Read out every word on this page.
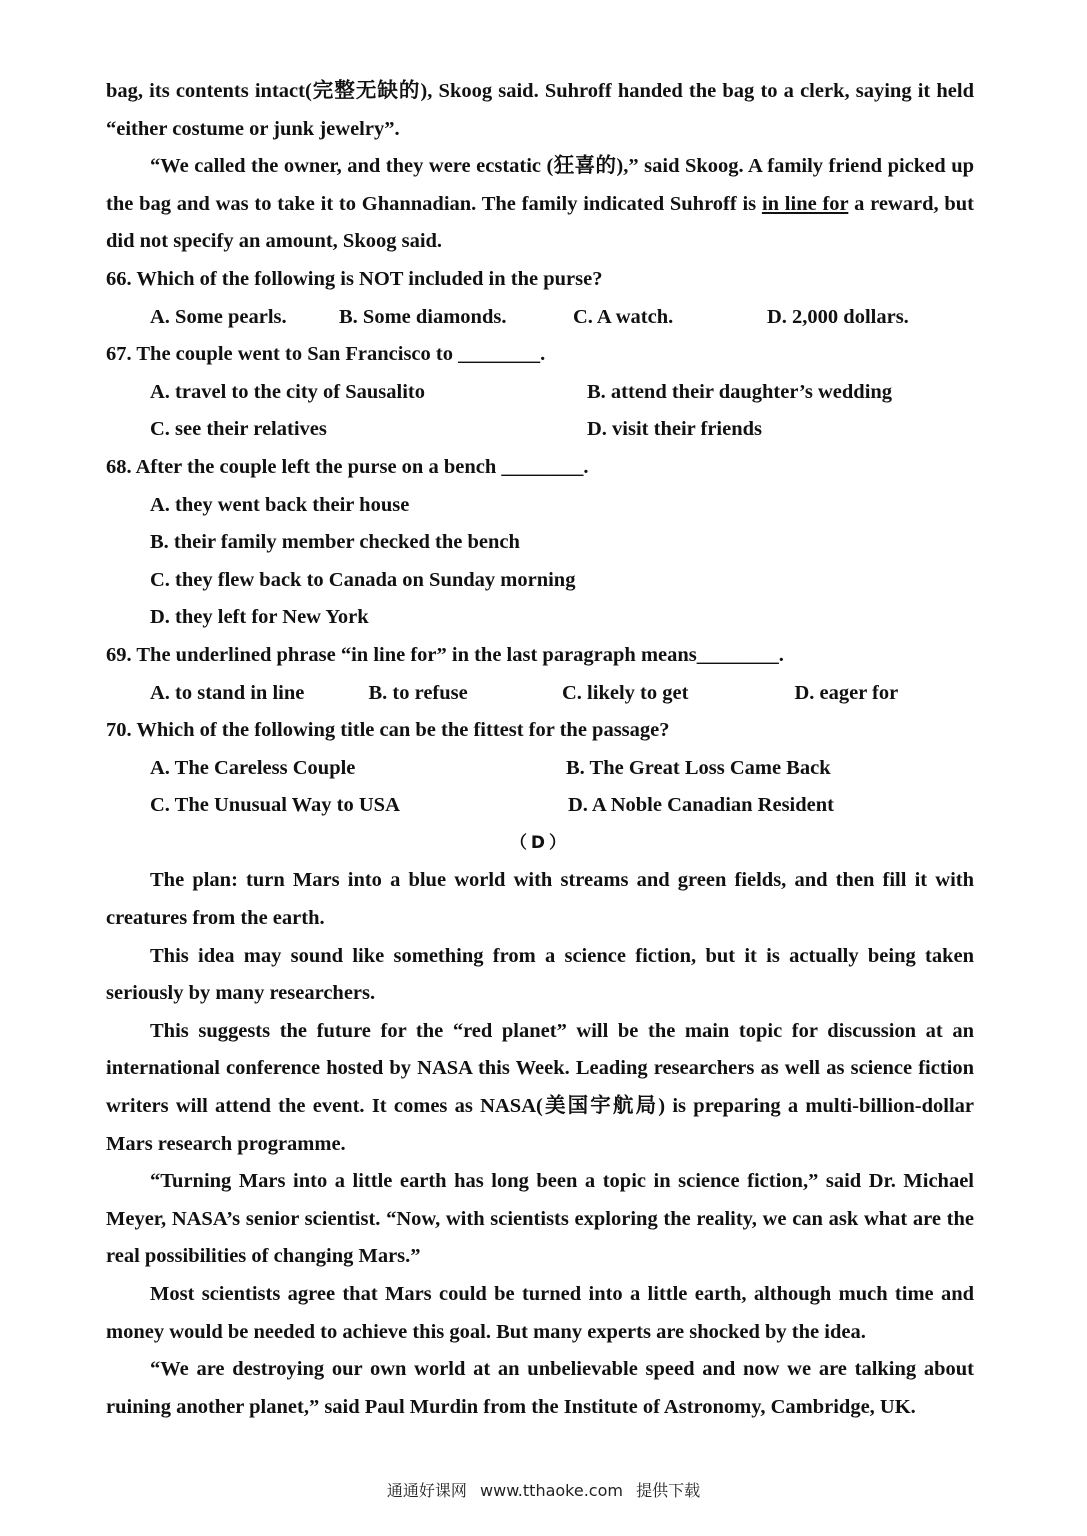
bag, its contents intact(完整无缺的), Skoog said. Suhroff handed the bag to a clerk, saying it held “either costume or junk jewelry”.

“We called the owner, and they were ecstatic (狂喜的),” said Skoog. A family friend picked up the bag and was to take it to Ghannadian. The family indicated Suhroff is in line for a reward, but did not specify an amount, Skoog said.

66. Which of the following is NOT included in the purse?

A. Some pearls.	B. Some diamonds.	C. A watch.	D. 2,000 dollars.

67. The couple went to San Francisco to ________.

A. travel to the city of Sausalito	B. attend their daughter’s wedding
C. see their relatives	D. visit their friends

68. After the couple left the purse on a bench ________.

A. they went back their house
B. their family member checked the bench
C. they flew back to Canada on Sunday morning
D. they left for New York

69. The underlined phrase “in line for” in the last paragraph means________.

A. to stand in line	B. to refuse	C. likely to get	D. eager for

70. Which of the following title can be the fittest for the passage?

A. The Careless Couple	B. The Great Loss Came Back
C. The Unusual Way to USA	D. A Noble Canadian Resident

（D）

The plan: turn Mars into a blue world with streams and green fields, and then fill it with creatures from the earth.

This idea may sound like something from a science fiction, but it is actually being taken seriously by many researchers.

This suggests the future for the “red planet” will be the main topic for discussion at an international conference hosted by NASA this Week. Leading researchers as well as science fiction writers will attend the event. It comes as NASA(美国宇航局) is preparing a multi-billion-dollar Mars research programme.

“Turning Mars into a little earth has long been a topic in science fiction,” said Dr. Michael Meyer, NASA’s senior scientist. “Now, with scientists exploring the reality, we can ask what are the real possibilities of changing Mars.”

Most scientists agree that Mars could be turned into a little earth, although much time and money would be needed to achieve this goal. But many experts are shocked by the idea.

“We are destroying our own world at an unbelievable speed and now we are talking about ruining another planet,” said Paul Murdin from the Institute of Astronomy, Cambridge, UK.

通通好课网 www.tthaoke.com 提供下载
